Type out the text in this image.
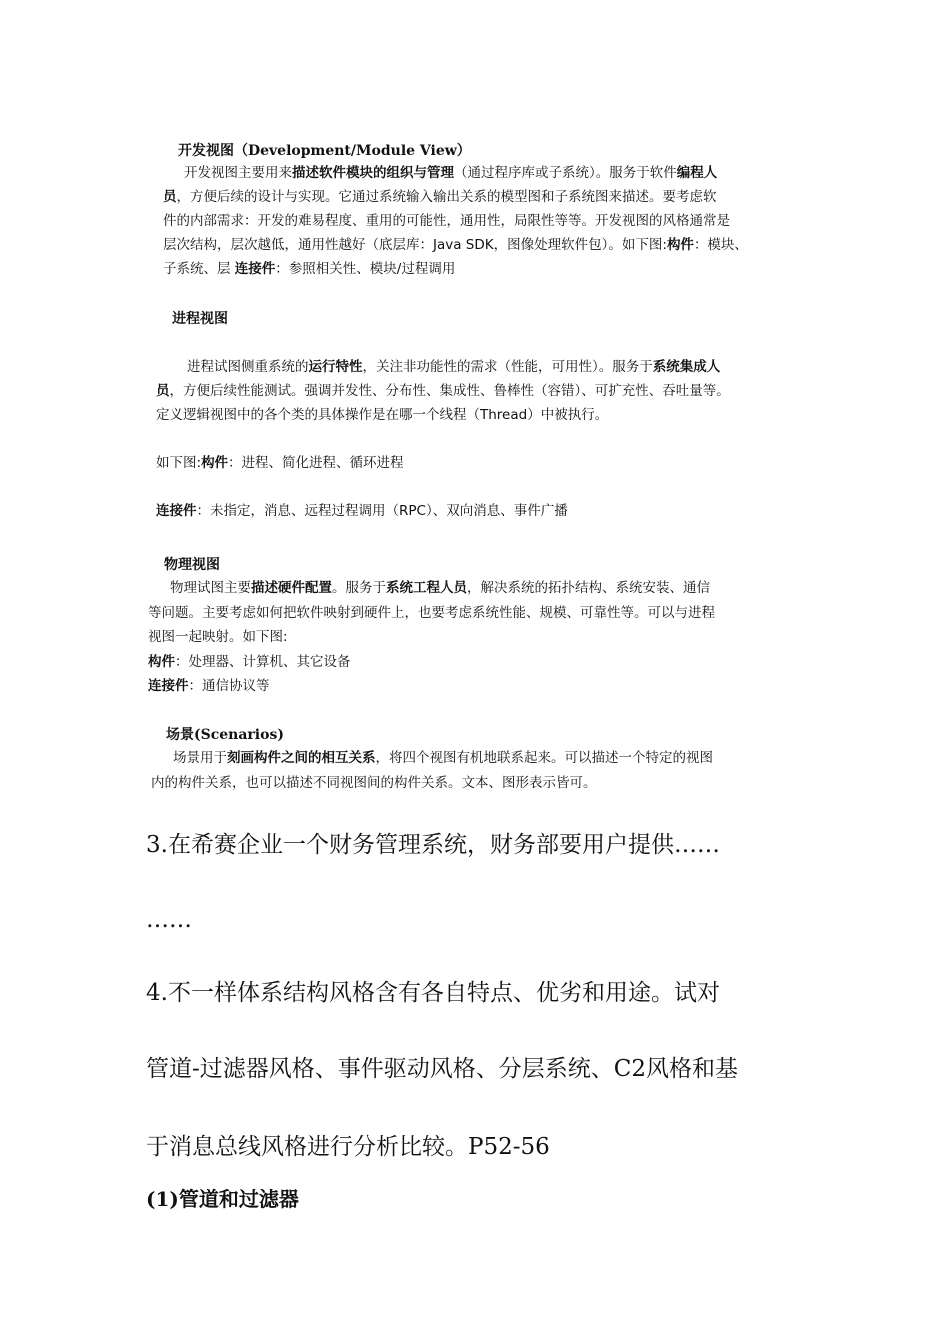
开发视图（Development/Module View）
开发视图主要用来描述软件模块的组织与管理（通过程序库或子系统）。服务于软件编程人
员，方便后续的设计与实现。它通过系统输入输出关系的模型图和子系统图来描述。要考虑软
件的内部需求：开发的难易程度、重用的可能性，通用性，局限性等等。开发视图的风格通常是
层次结构，层次越低，通用性越好（底层库：Java SDK，图像处理软件包）。如下图:构件：模块、
子系统、层 连接件：参照相关性、模块/过程调用
进程视图
进程试图侧重系统的运行特性，关注非功能性的需求（性能，可用性）。服务于系统集成人
员，方便后续性能测试。强调并发性、分布性、集成性、鲁棒性（容错）、可扩充性、吞吐量等。
定义逻辑视图中的各个类的具体操作是在哪一个线程（Thread）中被执行。
如下图:构件：进程、简化进程、循环进程
连接件：未指定，消息、远程过程调用（RPC）、双向消息、事件广播
物理视图
物理试图主要描述硬件配置。服务于系统工程人员，解决系统的拓扑结构、系统安装、通信
等问题。主要考虑如何把软件映射到硬件上，也要考虑系统性能、规模、可靠性等。可以与进程
视图一起映射。如下图:
构件：处理器、计算机、其它设备
连接件：通信协议等
场景(Scenarios)
场景用于刻画构件之间的相互关系，将四个视图有机地联系起来。可以描述一个特定的视图
内的构件关系，也可以描述不同视图间的构件关系。文本、图形表示皆可。
3.在希赛企业一个财务管理系统，财务部要用户提供……
……
4.不一样体系结构风格含有各自特点、优劣和用途。试对
管道-过滤器风格、事件驱动风格、分层系统、C2风格和基
于消息总线风格进行分析比较。P52-56
(1)管道和过滤器
